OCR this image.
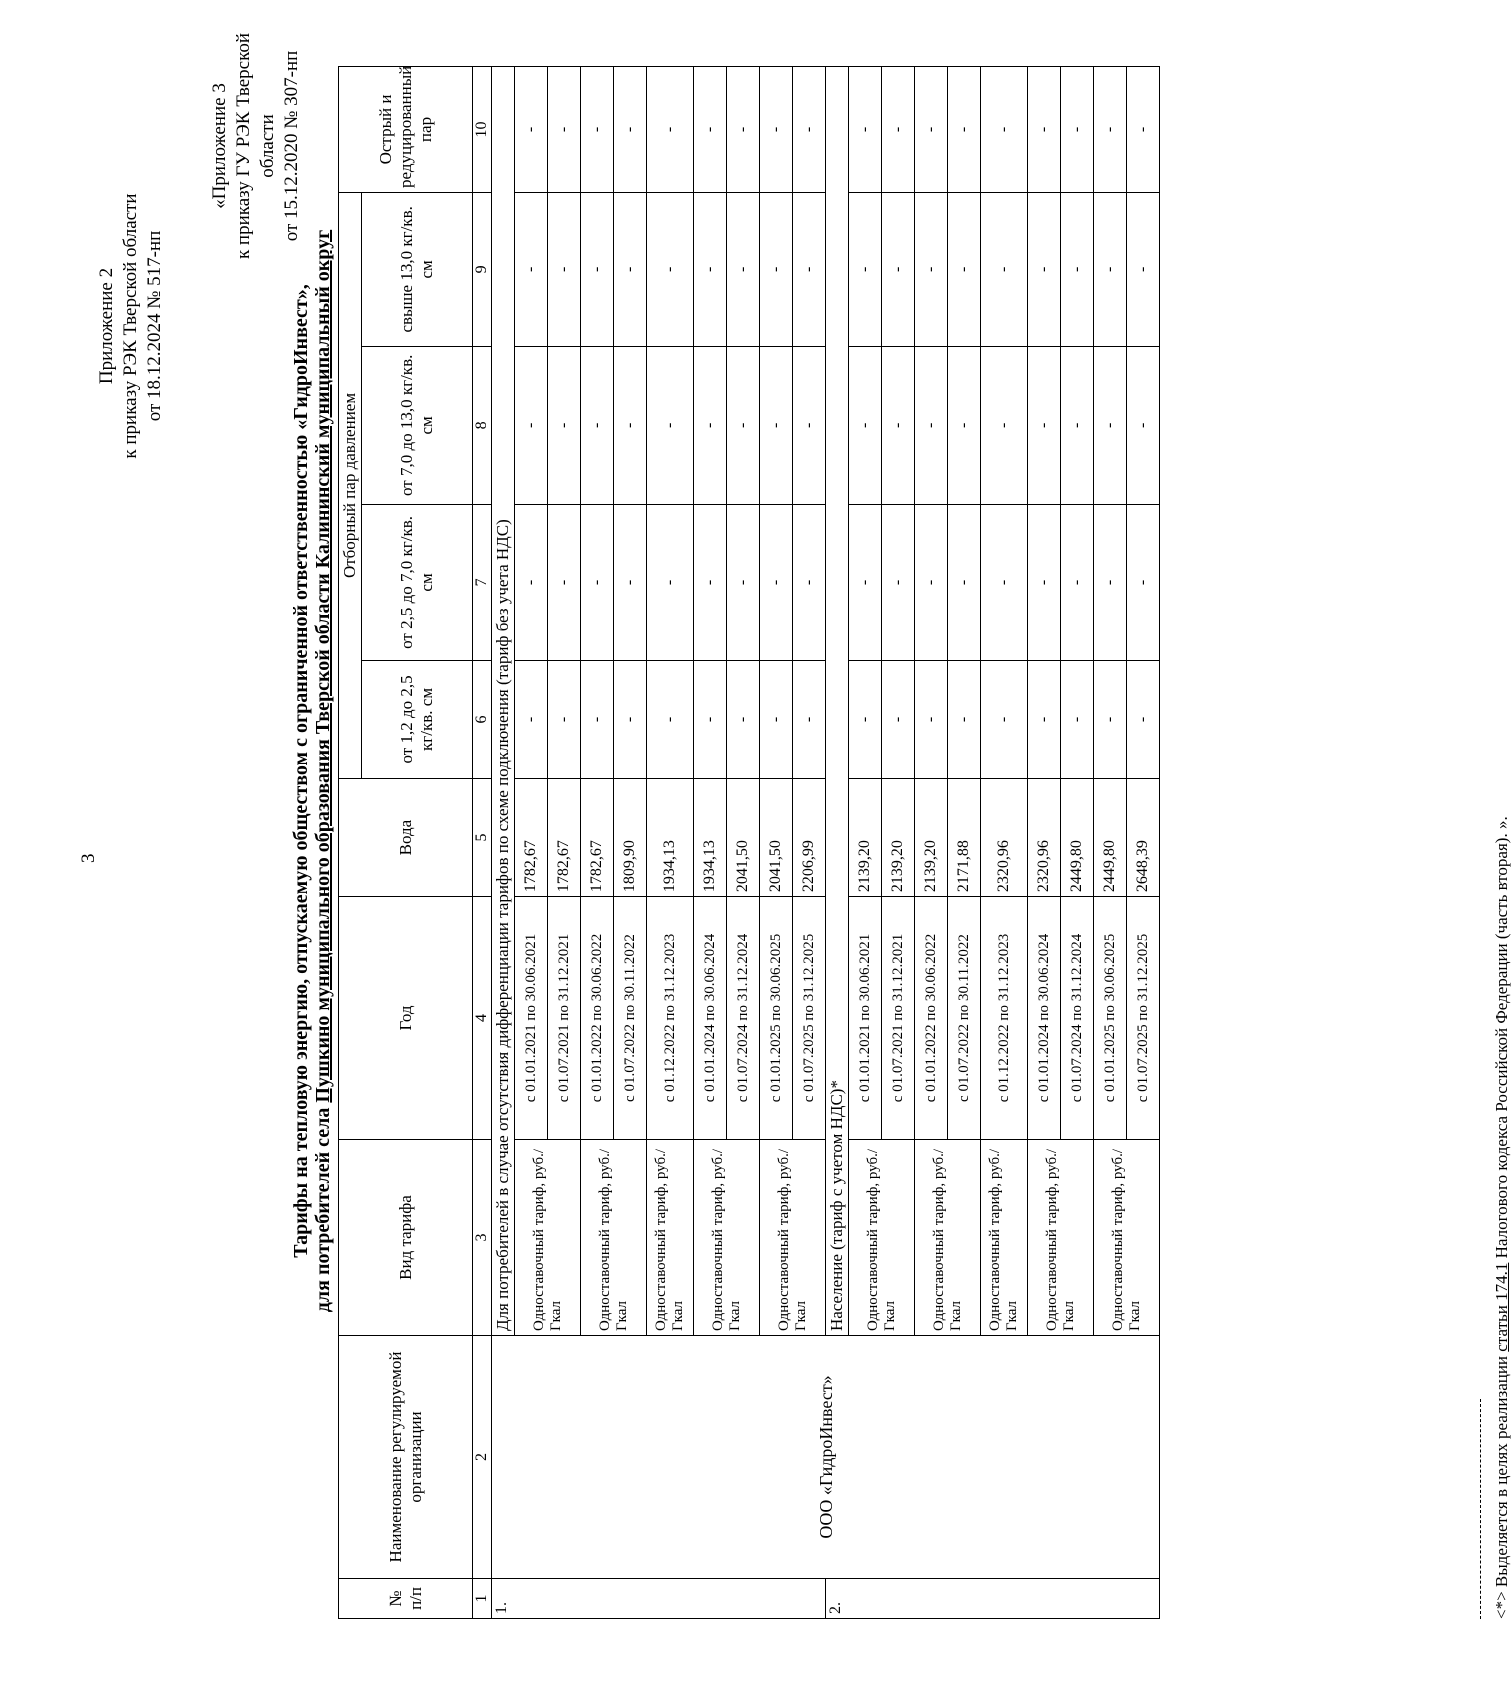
3
Приложение 2 к приказу РЭК Тверской области от 18.12.2024 № 517-нп
«Приложение 3 к приказу ГУ РЭК Тверской области от 15.12.2020 № 307-нп
Тарифы на тепловую энергию, отпускаемую обществом с ограниченной ответственностью «ГидроИнвест», для потребителей села Пушкино муниципального образования Тверской области Калининский муниципальный округ
№ п/п	Наименование регулируемой организации	Вид тарифа	Год	Вода	Отборный пар давлением				Острый и редуцированный пар
					от 1,2 до 2,5 кг/кв. см	от 2,5 до 7,0 кг/кв. см	от 7,0 до 13,0 кг/кв. см	свыше 13,0 кг/кв. см	
1	2	3	4	5	6	7	8	9	10
1.	ООО «ГидроИнвест»	Для потребителей в случае отсутствия дифференциации тарифов по схеме подключения (тариф без учета НДС)							
		Одноставочный тариф, руб./Гкал	с 01.01.2021 по 30.06.2021	1782,67	-	-	-	-	-
			с 01.07.2021 по 31.12.2021	1782,67	-	-	-	-	-
		Одноставочный тариф, руб./Гкал	с 01.01.2022 по 30.06.2022	1782,67	-	-	-	-	-
			с 01.07.2022 по 30.11.2022	1809,90	-	-	-	-	-
		Одноставочный тариф, руб./Гкал	с 01.12.2022 по 31.12.2023	1934,13	-	-	-	-	-
		Одноставочный тариф, руб./Гкал	с 01.01.2024 по 30.06.2024	1934,13	-	-	-	-	-
			с 01.07.2024 по 31.12.2024	2041,50	-	-	-	-	-
		Одноставочный тариф, руб./Гкал	с 01.01.2025 по 30.06.2025	2041,50	-	-	-	-	-
			с 01.07.2025 по 31.12.2025	2206,99	-	-	-	-	-
2.		Население (тариф с учетом НДС)*							
		Одноставочный тариф, руб./Гкал	с 01.01.2021 по 30.06.2021	2139,20	-	-	-	-	-
			с 01.07.2021 по 31.12.2021	2139,20	-	-	-	-	-
		Одноставочный тариф, руб./Гкал	с 01.01.2022 по 30.06.2022	2139,20	-	-	-	-	-
			с 01.07.2022 по 30.11.2022	2171,88	-	-	-	-	-
		Одноставочный тариф, руб./Гкал	с 01.12.2022 по 31.12.2023	2320,96	-	-	-	-	-
		Одноставочный тариф, руб./Гкал	с 01.01.2024 по 30.06.2024	2320,96	-	-	-	-	-
			с 01.07.2024 по 31.12.2024	2449,80	-	-	-	-	-
		Одноставочный тариф, руб./Гкал	с 01.01.2025 по 30.06.2025	2449,80	-	-	-	-	-
			с 01.07.2025 по 31.12.2025	2648,39	-	-	-	-	-
<*> Выделяется в целях реализации статьи 174.1 Налогового кодекса Российской Федерации (часть вторая). ».
